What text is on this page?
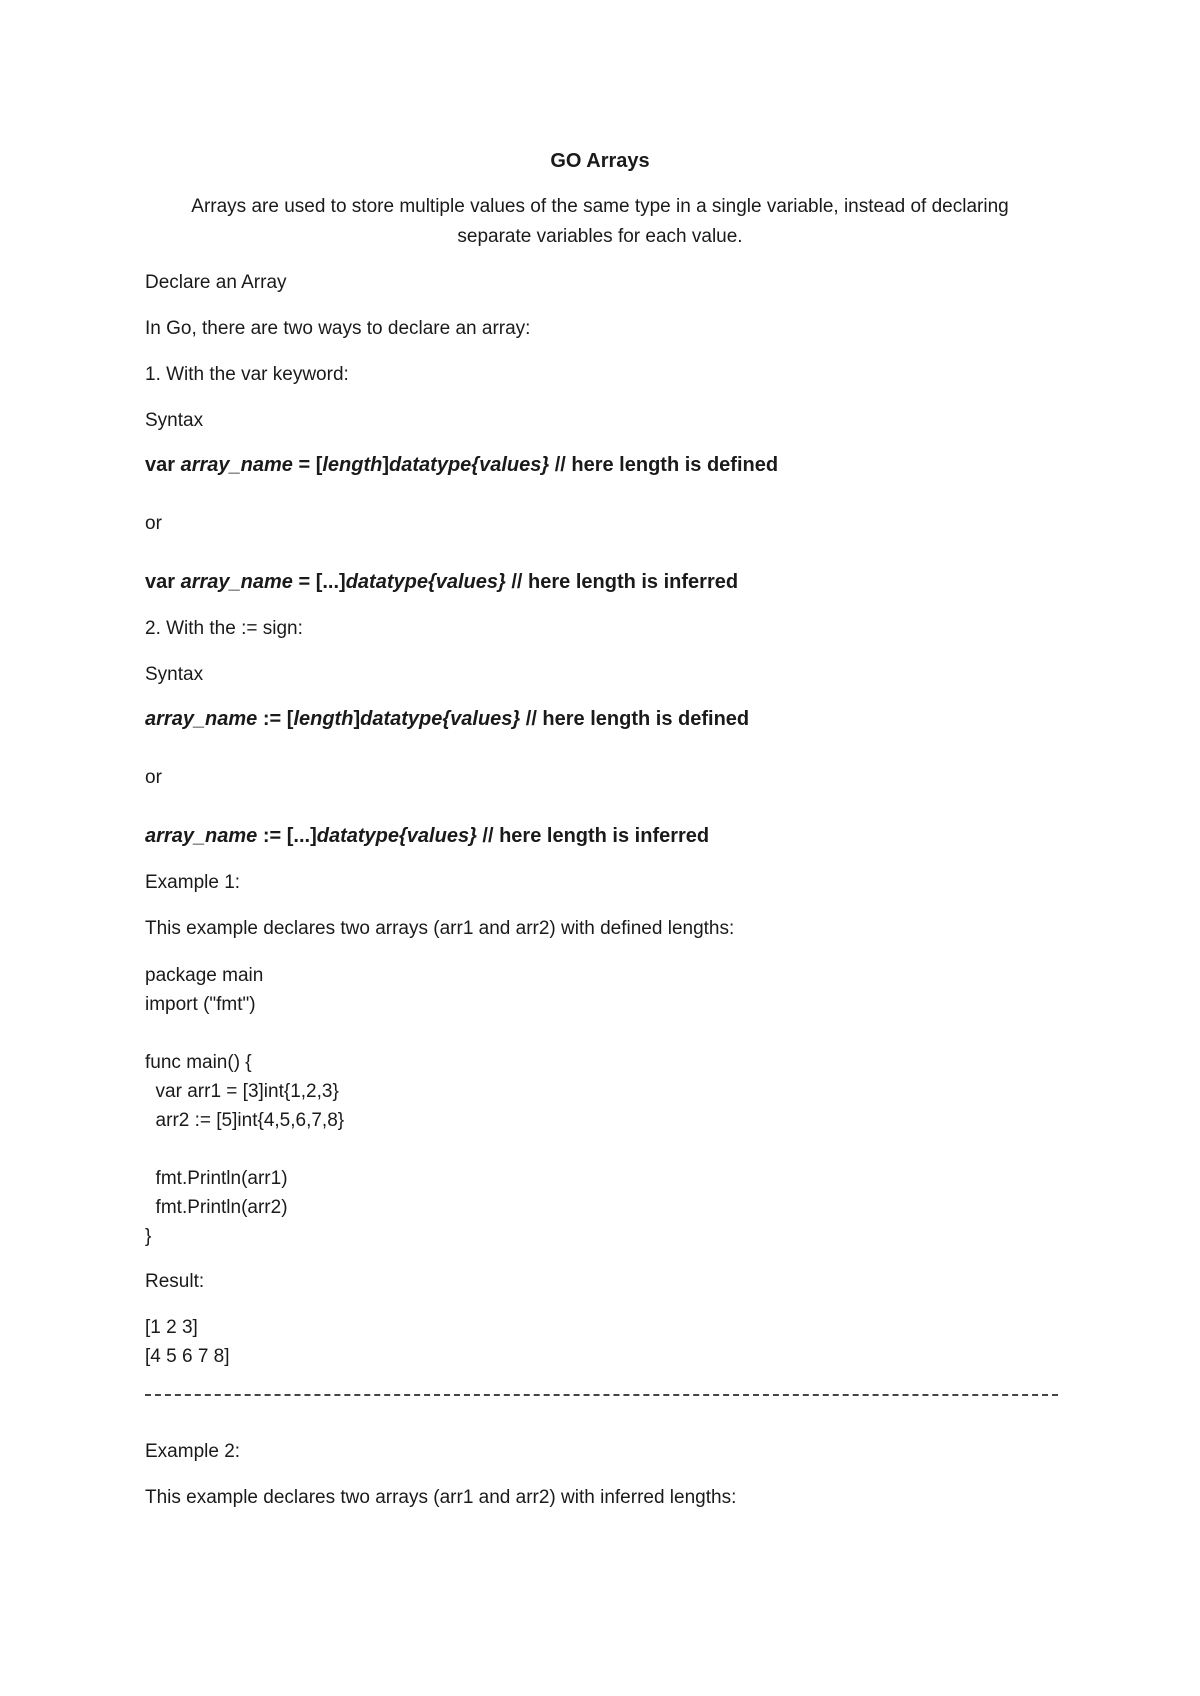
GO Arrays
Arrays are used to store multiple values of the same type in a single variable, instead of declaring
separate variables for each value.
Declare an Array
In Go, there are two ways to declare an array:
1. With the var keyword:
Syntax
var array_name = [length]datatype{values} // here length is defined
or
var array_name = [...]datatype{values} // here length is inferred
2. With the := sign:
Syntax
array_name := [length]datatype{values} // here length is defined
or
array_name := [...]datatype{values} // here length is inferred
Example 1:
This example declares two arrays (arr1 and arr2) with defined lengths:
package main
import ("fmt")
func main() {
var arr1 = [3]int{1,2,3}
arr2 := [5]int{4,5,6,7,8}
fmt.Println(arr1)
fmt.Println(arr2)
}
Result:
[1 2 3]
[4 5 6 7 8]
Example 2:
This example declares two arrays (arr1 and arr2) with inferred lengths:
